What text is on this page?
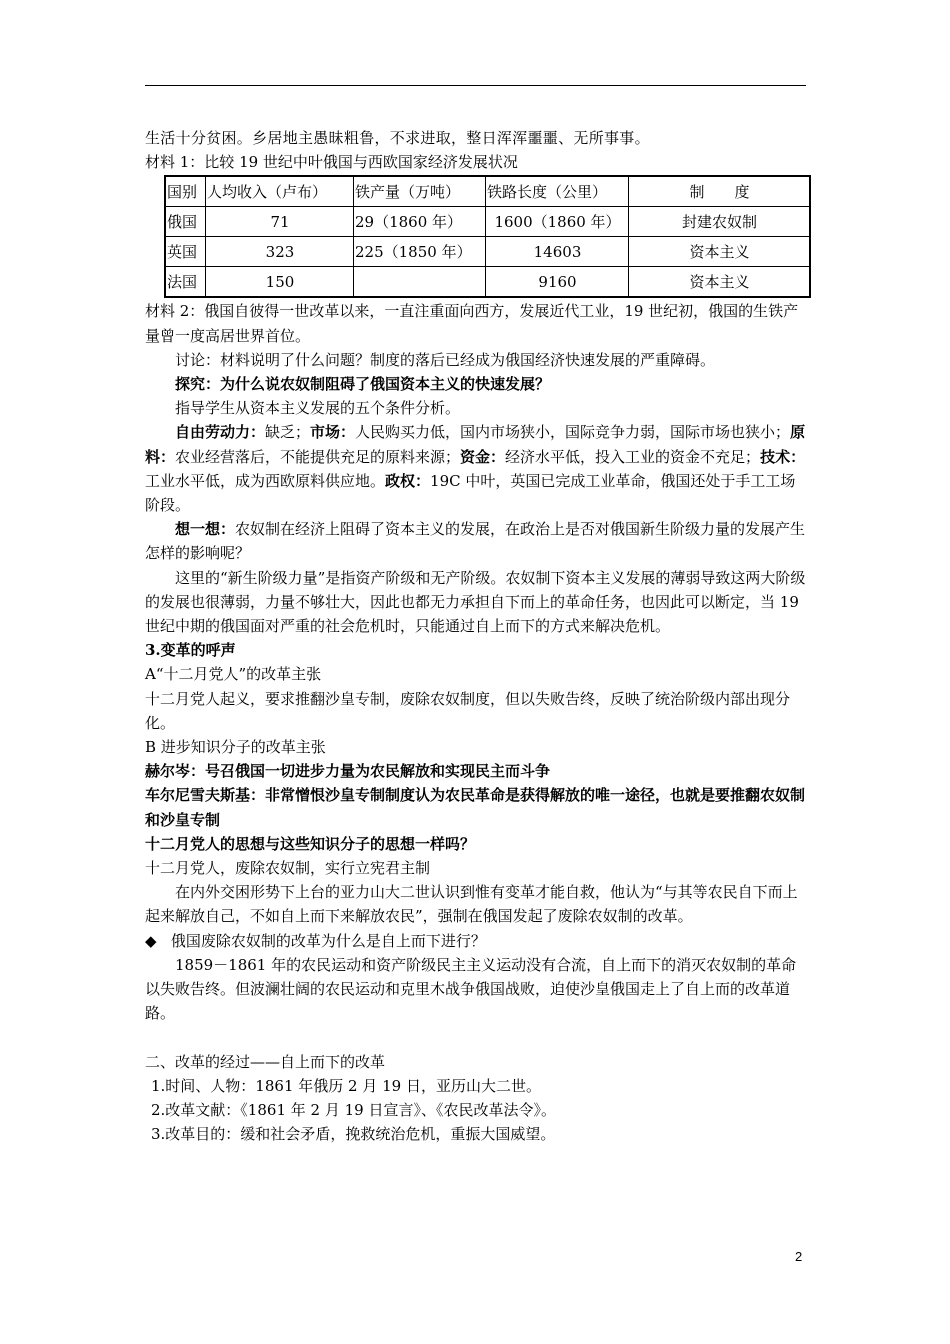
生活十分贫困。乡居地主愚昧粗鲁，不求进取，整日浑浑噩噩、无所事事。

材料 1：比较 19 世纪中叶俄国与西欧国家经济发展状况

国别	人均收入（卢布）	铁产量（万吨）	铁路长度（公里）	制　　度
俄国	71	29（1860 年）	1600（1860 年）	封建农奴制
英国	323	225（1850 年）	14603	资本主义
法国	150		9160	资本主义

材料 2：俄国自彼得一世改革以来，一直注重面向西方，发展近代工业，19 世纪初，俄国的生铁产量曾一度高居世界首位。

讨论：材料说明了什么问题？制度的落后已经成为俄国经济快速发展的严重障碍。

探究：为什么说农奴制阻碍了俄国资本主义的快速发展？

指导学生从资本主义发展的五个条件分析。

自由劳动力：缺乏；市场：人民购买力低，国内市场狭小，国际竞争力弱，国际市场也狭小；原料：农业经营落后，不能提供充足的原料来源；资金：经济水平低，投入工业的资金不充足；技术：工业水平低，成为西欧原料供应地。政权：19C 中叶，英国已完成工业革命，俄国还处于手工工场阶段。

想一想：农奴制在经济上阻碍了资本主义的发展，在政治上是否对俄国新生阶级力量的发展产生怎样的影响呢？

这里的“新生阶级力量”是指资产阶级和无产阶级。农奴制下资本主义发展的薄弱导致这两大阶级的发展也很薄弱，力量不够壮大，因此也都无力承担自下而上的革命任务，也因此可以断定，当 19 世纪中期的俄国面对严重的社会危机时，只能通过自上而下的方式来解决危机。

3.变革的呼声

A“十二月党人”的改革主张

十二月党人起义，要求推翻沙皇专制，废除农奴制度，但以失败告终，反映了统治阶级内部出现分化。

B 进步知识分子的改革主张

赫尔岑：号召俄国一切进步力量为农民解放和实现民主而斗争

车尔尼雪夫斯基：非常憎恨沙皇专制制度认为农民革命是获得解放的唯一途径，也就是要推翻农奴制和沙皇专制

十二月党人的思想与这些知识分子的思想一样吗？

十二月党人，废除农奴制，实行立宪君主制

在内外交困形势下上台的亚力山大二世认识到惟有变革才能自救，他认为“与其等农民自下而上起来解放自己，不如自上而下来解放农民”，强制在俄国发起了废除农奴制的改革。

◆ 俄国废除农奴制的改革为什么是自上而下进行？

1859－1861 年的农民运动和资产阶级民主主义运动没有合流，自上而下的消灭农奴制的革命以失败告终。但波澜壮阔的农民运动和克里木战争俄国战败，迫使沙皇俄国走上了自上而的改革道路。

二、改革的经过——自上而下的改革

1.时间、人物：1861 年俄历 2 月 19 日，亚历山大二世。

2.改革文献：《1861 年 2 月 19 日宣言》、《农民改革法令》。

3.改革目的：缓和社会矛盾，挽救统治危机，重振大国威望。

2
